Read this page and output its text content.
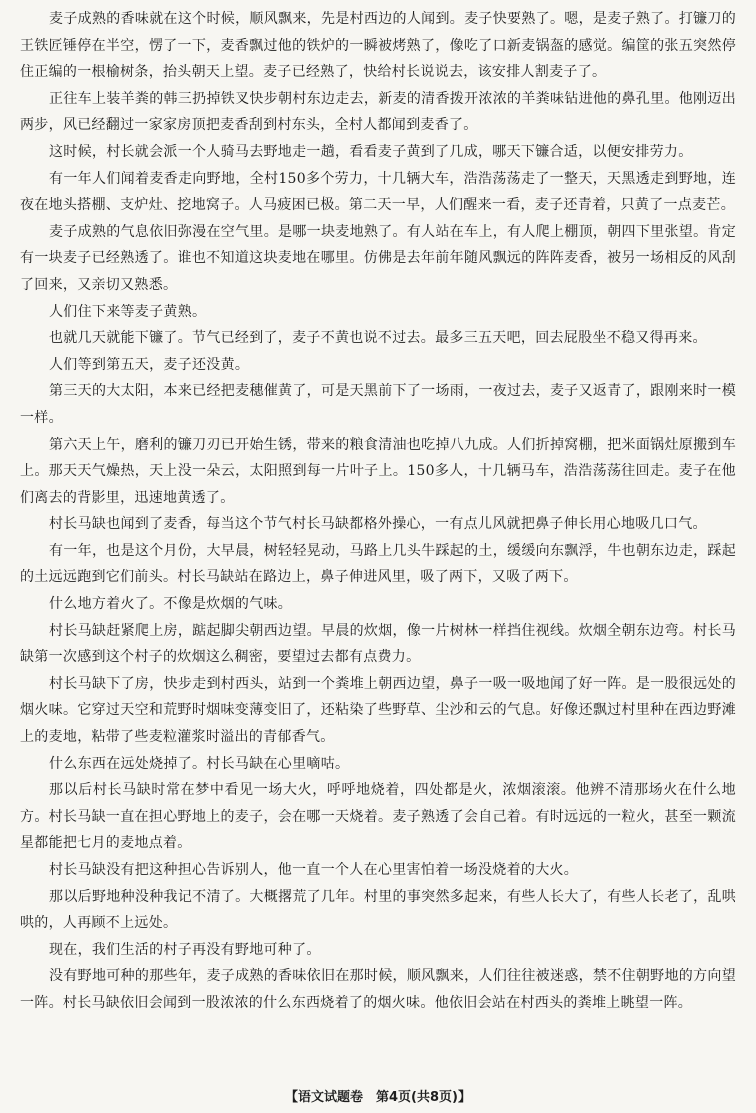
麦子成熟的香味就在这个时候，顺风飘来，先是村西边的人闻到。麦子快要熟了。嗯，是麦子熟了。打镰刀的王铁匠锤停在半空，愣了一下，麦香飘过他的铁炉的一瞬被烤熟了，像吃了口新麦锅盔的感觉。编筐的张五突然停住正编的一根榆树条，抬头朝天上望。麦子已经熟了，快给村长说说去，该安排人割麦子了。

正往车上装羊粪的韩三扔掉铁叉快步朝村东边走去，新麦的清香拨开浓浓的羊粪味钻进他的鼻孔里。他刚迈出两步，风已经翻过一家家房顶把麦香刮到村东头，全村人都闻到麦香了。

这时候，村长就会派一个人骑马去野地走一趟，看看麦子黄到了几成，哪天下镰合适，以便安排劳力。

有一年人们闻着麦香走向野地，全村150多个劳力，十几辆大车，浩浩荡荡走了一整天，天黑透走到野地，连夜在地头搭棚、支炉灶、挖地窝子。人马疲困已极。第二天一早，人们醒来一看，麦子还青着，只黄了一点麦芒。

麦子成熟的气息依旧弥漫在空气里。是哪一块麦地熟了。有人站在车上，有人爬上棚顶，朝四下里张望。肯定有一块麦子已经熟透了。谁也不知道这块麦地在哪里。仿佛是去年前年随风飘远的阵阵麦香，被另一场相反的风刮了回来，又亲切又熟悉。

人们住下来等麦子黄熟。

也就几天就能下镰了。节气已经到了，麦子不黄也说不过去。最多三五天吧，回去屁股坐不稳又得再来。

人们等到第五天，麦子还没黄。

第三天的大太阳，本来已经把麦穗催黄了，可是天黑前下了一场雨，一夜过去，麦子又返青了，跟刚来时一模一样。

第六天上午，磨利的镰刀刃已开始生锈，带来的粮食清油也吃掉八九成。人们折掉窝棚，把米面锅灶原搬到车上。那天天气燥热，天上没一朵云，太阳照到每一片叶子上。150多人，十几辆马车，浩浩荡荡往回走。麦子在他们离去的背影里，迅速地黄透了。

村长马缺也闻到了麦香，每当这个节气村长马缺都格外操心，一有点儿风就把鼻子伸长用心地吸几口气。

有一年，也是这个月份，大早晨，树轻轻晃动，马路上几头牛踩起的土，缓缓向东飘浮，牛也朝东边走，踩起的土远远跑到它们前头。村长马缺站在路边上，鼻子伸进风里，吸了两下，又吸了两下。

什么地方着火了。不像是炊烟的气味。

村长马缺赶紧爬上房，踮起脚尖朝西边望。早晨的炊烟，像一片树林一样挡住视线。炊烟全朝东边弯。村长马缺第一次感到这个村子的炊烟这么稠密，要望过去都有点费力。

村长马缺下了房，快步走到村西头，站到一个粪堆上朝西边望，鼻子一吸一吸地闻了好一阵。是一股很远处的烟火味。它穿过天空和荒野时烟味变薄变旧了，还粘染了些野草、尘沙和云的气息。好像还飘过村里种在西边野滩上的麦地，粘带了些麦粒灌浆时溢出的青郁香气。

什么东西在远处烧掉了。村长马缺在心里嘀咕。

那以后村长马缺时常在梦中看见一场大火，呼呼地烧着，四处都是火，浓烟滚滚。他辨不清那场火在什么地方。村长马缺一直在担心野地上的麦子，会在哪一天烧着。麦子熟透了会自己着。有时远远的一粒火，甚至一颗流星都能把七月的麦地点着。

村长马缺没有把这种担心告诉别人，他一直一个人在心里害怕着一场没烧着的大火。

那以后野地种没种我记不清了。大概撂荒了几年。村里的事突然多起来，有些人长大了，有些人长老了，乱哄哄的，人再顾不上远处。

现在，我们生活的村子再没有野地可种了。

没有野地可种的那些年，麦子成熟的香味依旧在那时候，顺风飘来，人们往往被迷惑，禁不住朝野地的方向望一阵。村长马缺依旧会闻到一股浓浓的什么东西烧着了的烟火味。他依旧会站在村西头的粪堆上眺望一阵。

【语文试题卷　第4页(共8页)】
